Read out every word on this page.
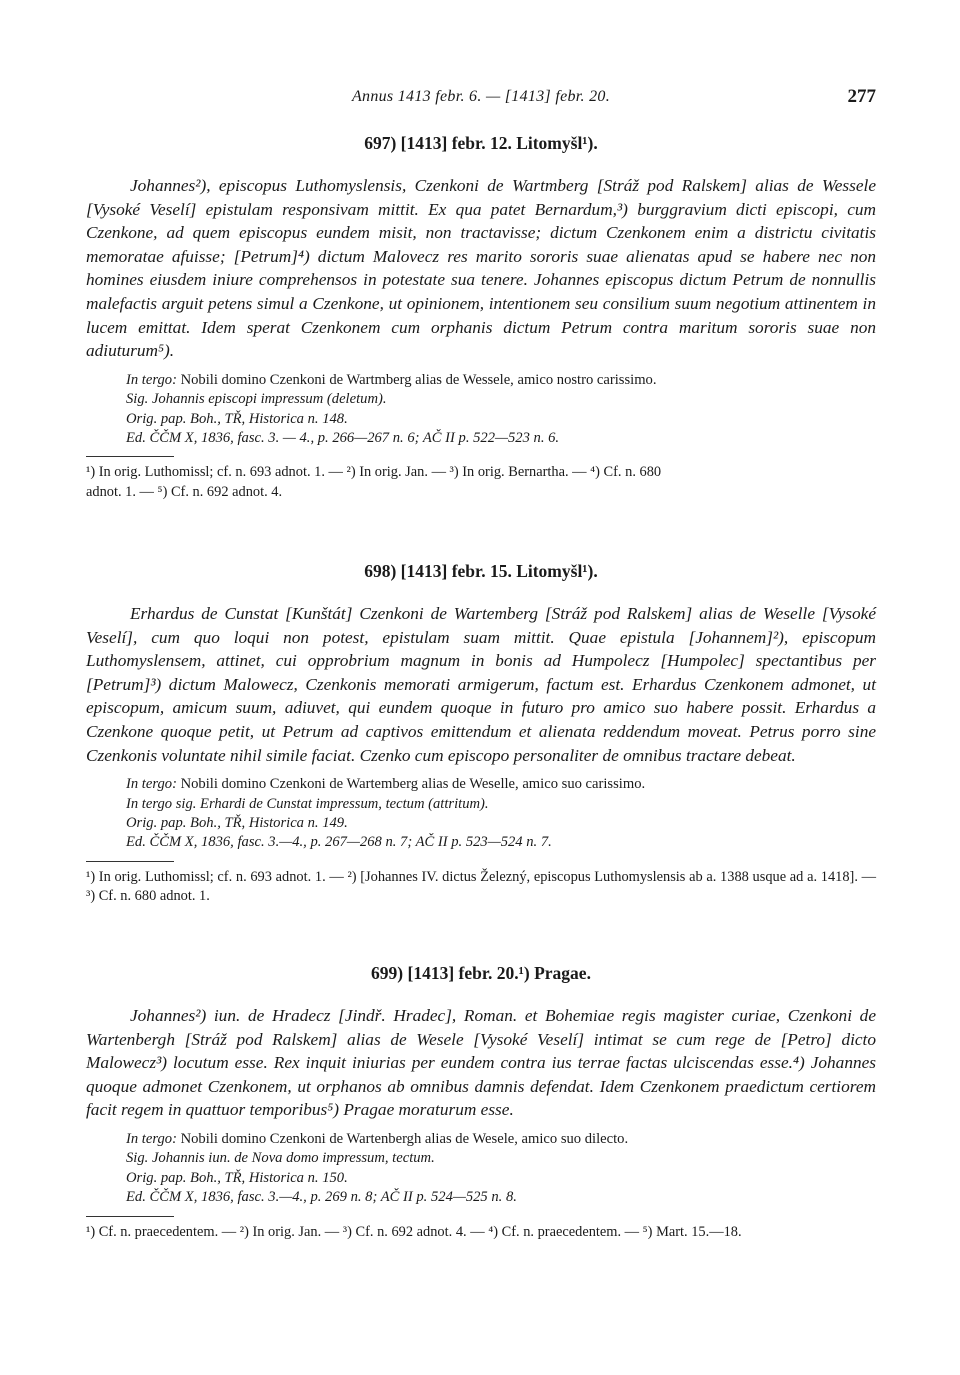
Annus 1413 febr. 6. — [1413] febr. 20.	277
697) [1413] febr. 12. Litomyšl¹).

Johannes²), episcopus Luthomyslensis, Czenkoni de Wartmberg [Stráž pod Ralskem] alias de Wessele [Vysoké Veselí] epistulam responsivam mittit. Ex qua patet Bernardum,³) burggravium dicti episcopi, cum Czenkone, ad quem episcopus eundem misit, non tractavisse; dictum Czenkonem enim a districtu civitatis memoratae afuisse; [Petrum]⁴) dictum Malovecz res marito sororis suae alienatas apud se habere nec non homines eiusdem iniure comprehensos in potestate sua tenere. Johannes episcopus dictum Petrum de nonnullis malefactis arguit petens simul a Czenkone, ut opinionem, intentionem seu consilium suum negotium attinentem in lucem emittat. Idem sperat Czenkonem cum orphanis dictum Petrum contra maritum sororis suae non adiuturum⁵).

In tergo: Nobili domino Czenkoni de Wartmberg alias de Wessele, amico nostro carissimo.
Sig. Johannis episcopi impressum (deletum).
Orig. pap. Boh., TŘ, Historica n. 148.
Ed. ČČM X, 1836, fasc. 3. — 4., p. 266—267 n. 6; AČ II p. 522—523 n. 6.
¹) In orig. Luthomissl; cf. n. 693 adnot. 1. — ²) In orig. Jan. — ³) In orig. Bernartha. — ⁴) Cf. n. 680
adnot. 1. — ⁵) Cf. n. 692 adnot. 4.
698) [1413] febr. 15. Litomyšl¹).

Erhardus de Cunstat [Kunštát] Czenkoni de Wartemberg [Stráž pod Ralskem] alias de Weselle [Vysoké Veselí], cum quo loqui non potest, epistulam suam mittit. Quae epistula [Johannem]²), episcopum Luthomyslensem, attinet, cui opprobrium magnum in bonis ad Humpolecz [Humpolec] spectantibus per [Petrum]³) dictum Malowecz, Czenkonis memorati armigerum, factum est. Erhardus Czenkonem admonet, ut episcopum, amicum suum, adiuvet, qui eundem quoque in futuro pro amico suo habere possit. Erhardus a Czenkone quoque petit, ut Petrum ad captivos emittendum et alienata reddendum moveat. Petrus porro sine Czenkonis voluntate nihil simile faciat. Czenko cum episcopo personaliter de omnibus tractare debeat.

In tergo: Nobili domino Czenkoni de Wartemberg alias de Weselle, amico suo carissimo.
In tergo sig. Erhardi de Cunstat impressum, tectum (attritum).
Orig. pap. Boh., TŘ, Historica n. 149.
Ed. ČČM X, 1836, fasc. 3.—4., p. 267—268 n. 7; AČ II p. 523—524 n. 7.
¹) In orig. Luthomissl; cf. n. 693 adnot. 1. — ²) [Johannes IV. dictus Železný, episcopus Luthomyslensis ab a. 1388 usque ad a. 1418]. — ³) Cf. n. 680 adnot. 1.
699) [1413] febr. 20.¹) Pragae.

Johannes²) iun. de Hradecz [Jindř. Hradec], Roman. et Bohemiae regis magister curiae, Czenkoni de Wartenbergh [Stráž pod Ralskem] alias de Wesele [Vysoké Veselí] intimat se cum rege de [Petro] dicto Malowecz³) locutum esse. Rex inquit iniurias per eundem contra ius terrae factas ulciscendas esse.⁴) Johannes quoque admonet Czenkonem, ut orphanos ab omnibus damnis defendat. Idem Czenkonem praedictum certiorem facit regem in quattuor temporibus⁵) Pragae moraturum esse.

In tergo: Nobili domino Czenkoni de Wartenbergh alias de Wesele, amico suo dilecto.
Sig. Johannis iun. de Nova domo impressum, tectum.
Orig. pap. Boh., TŘ, Historica n. 150.
Ed. ČČM X, 1836, fasc. 3.—4., p. 269 n. 8; AČ II p. 524—525 n. 8.
¹) Cf. n. praecedentem. — ²) In orig. Jan. — ³) Cf. n. 692 adnot. 4. — ⁴) Cf. n. praecedentem. — ⁵) Mart. 15.—18.
